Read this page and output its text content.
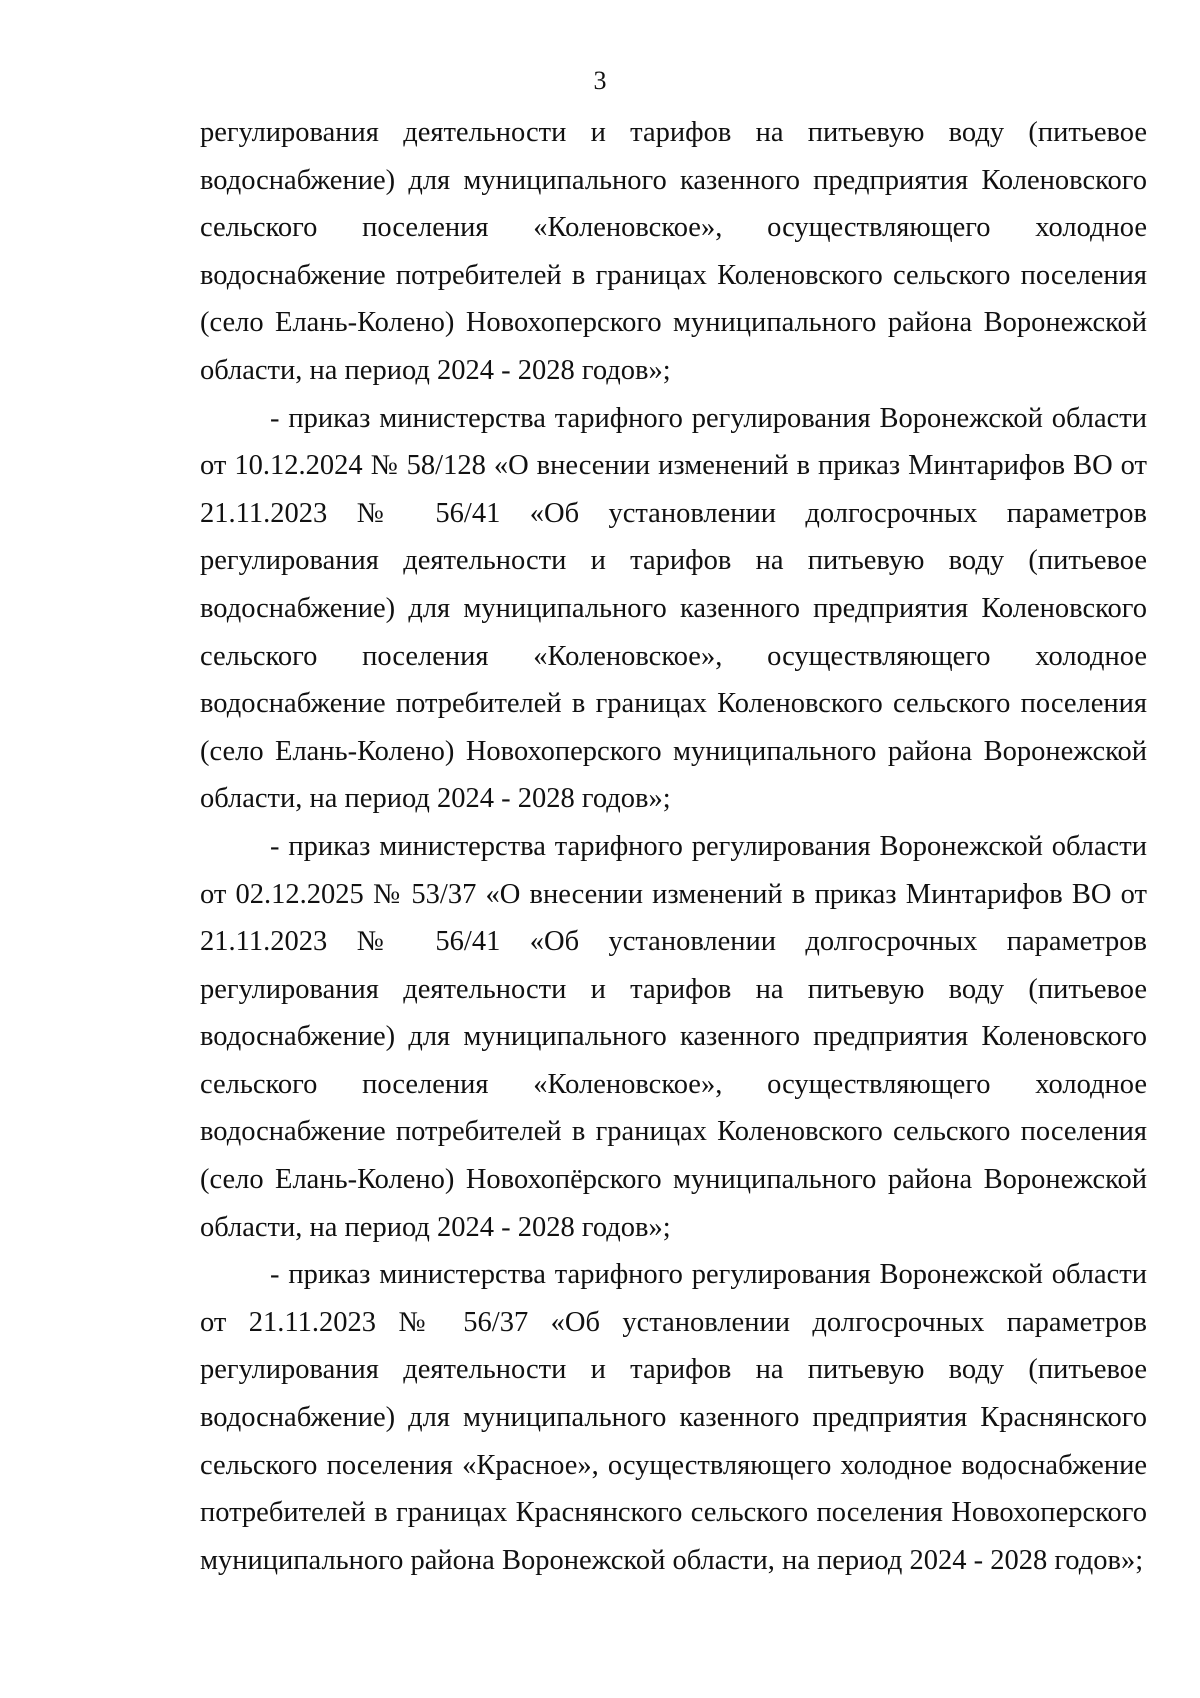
3

регулирования деятельности и тарифов на питьевую воду (питьевое водоснабжение) для муниципального казенного предприятия Коленовского сельского поселения «Коленовское», осуществляющего холодное водоснабжение потребителей в границах Коленовского сельского поселения (село Елань-Колено) Новохоперского муниципального района Воронежской области, на период 2024 - 2028 годов»;

- приказ министерства тарифного регулирования Воронежской области от 10.12.2024 № 58/128 «О внесении изменений в приказ Минтарифов ВО от 21.11.2023 № 56/41 «Об установлении долгосрочных параметров регулирования деятельности и тарифов на питьевую воду (питьевое водоснабжение) для муниципального казенного предприятия Коленовского сельского поселения «Коленовское», осуществляющего холодное водоснабжение потребителей в границах Коленовского сельского поселения (село Елань-Колено) Новохоперского муниципального района Воронежской области, на период 2024 - 2028 годов»;

- приказ министерства тарифного регулирования Воронежской области от 02.12.2025 № 53/37 «О внесении изменений в приказ Минтарифов ВО от 21.11.2023 № 56/41 «Об установлении долгосрочных параметров регулирования деятельности и тарифов на питьевую воду (питьевое водоснабжение) для муниципального казенного предприятия Коленовского сельского поселения «Коленовское», осуществляющего холодное водоснабжение потребителей в границах Коленовского сельского поселения (село Елань-Колено) Новохопёрского муниципального района Воронежской области, на период 2024 - 2028 годов»;

- приказ министерства тарифного регулирования Воронежской области от 21.11.2023 № 56/37 «Об установлении долгосрочных параметров регулирования деятельности и тарифов на питьевую воду (питьевое водоснабжение) для муниципального казенного предприятия Краснянского сельского поселения «Красное», осуществляющего холодное водоснабжение потребителей в границах Краснянского сельского поселения Новохоперского муниципального района Воронежской области, на период 2024 - 2028 годов»;
